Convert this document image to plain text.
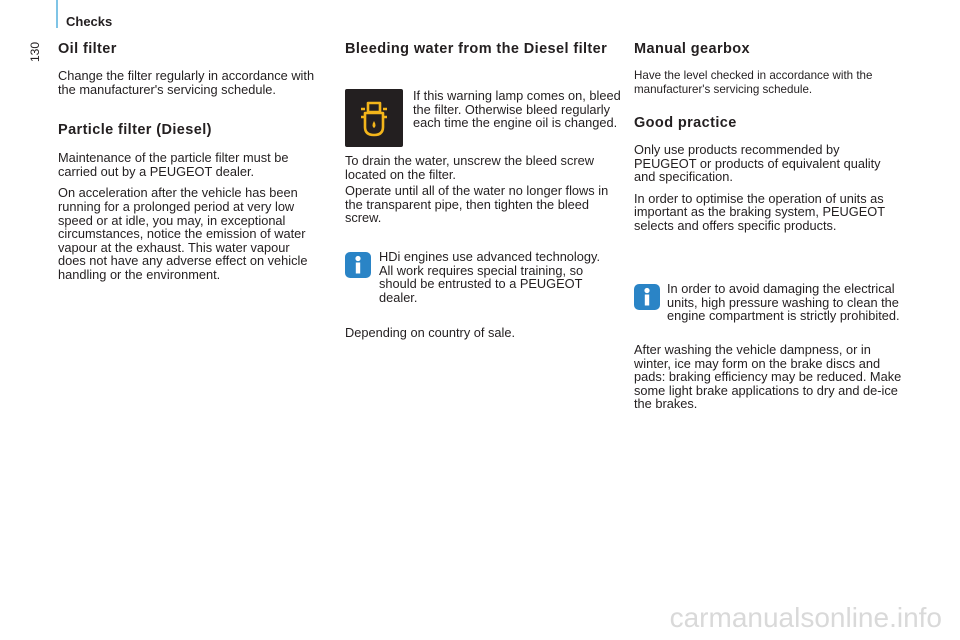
Checks
130 Oil filter

Change the filter regularly in accordance with the manufacturer's servicing schedule.

Particle filter (Diesel)

Maintenance of the particle filter must be carried out by a PEUGEOT dealer.

On acceleration after the vehicle has been running for a prolonged period at very low speed or at idle, you may, in exceptional circumstances, notice the emission of water vapour at the exhaust. This water vapour does not have any adverse effect on vehicle handling or the environment.

Bleeding water from the Diesel filter

If this warning lamp comes on, bleed the filter. Otherwise bleed regularly each time the engine oil is changed.

To drain the water, unscrew the bleed screw located on the filter.

Operate until all of the water no longer flows in the transparent pipe, then tighten the bleed screw.

HDi engines use advanced technology. All work requires special training, so should be entrusted to a PEUGEOT dealer.

Depending on country of sale.

Manual gearbox

Have the level checked in accordance with the manufacturer's servicing schedule.

Good practice

Only use products recommended by PEUGEOT or products of equivalent quality and specification.

In order to optimise the operation of units as important as the braking system, PEUGEOT selects and offers specific products.

In order to avoid damaging the electrical units, high pressure washing to clean the engine compartment is strictly prohibited.

After washing the vehicle dampness, or in winter, ice may form on the brake discs and pads: braking efficiency may be reduced. Make some light brake applications to dry and de-ice the brakes.

carmanualsonline.info
